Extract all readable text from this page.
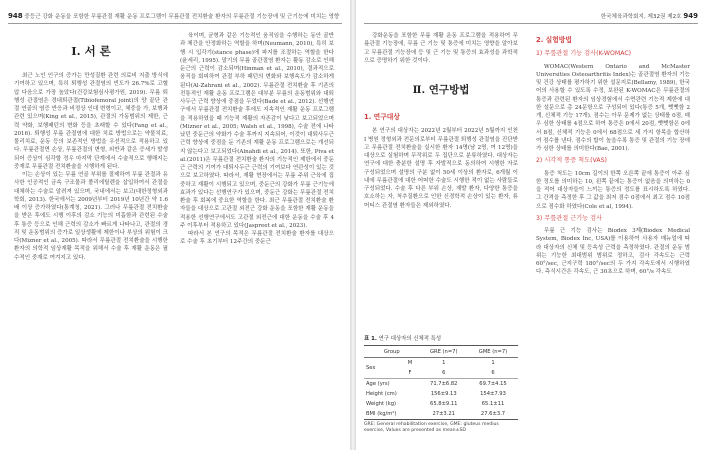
948 중등근 강화 운동을 포함한 무릎관절 재활 운동 프로그램이 무릎관절 전치환술 환자의 무릎관절 기능장애 및 근기능에 미치는 영향
Ⅰ. 서 론

최근 노인 인구의 증가는 만성질환 관련 의료비 지출 방식에 기여하고 있으며, 특히 퇴행성 관절염의 빈도가 26.7%로 고혈압 다음으로 가장 높았다(건강보험심사평가원, 2019). 무릎 퇴행성 관절염은 경대퇴관절(Tibiofemoral joint)의 양 끝단 관절 연골의 염증 반응과 비정상 인대 변형이고, 체중을 가, 보행과 관련 있으며(King et al., 2015), 관절의 가동범위의 제한, 근력 약화, 보행패턴의 변화 등을 초래할 수 있다(Fang et al., 2016). 퇴행성 무릎 관절염에 대한 치료 방법으로는 약물치료, 물리치료, 운동 등의 보존적인 방법을 우선적으로 적용하고 있다. 무릎관절면 손상, 무릎관절의 변형, 외반과 같은 증세가 발생되어 증상이 심각할 정우 마지막 단계에서 수술적으로 행해지는 중재로 무릎관절 전치환술을 시행하게 된다.

이는 손상이 있는 무릎 연골 부위를 절제하여 무릎 관절과 유사한 인공적인 금속 구조물과 폴리에틸렌을 삽입하여서 관절을 대체하는 수술로 알려져 있으며, 국내에서는 보고(대한정형외과학회, 2013). 한국에서는 2009년부터 2019년 10년간 약 1.6배 이상 증가하였다(통계청, 2021). 그러나 무릎관절 전치환술을 받은 후에도 시행 이후의 감소 기능의 미흡함과 관련된 수술 후 통증 등으로 인해 근력의 감소가 빠르게 나타나고, 관절의 경직 및 운동범위의 증가로 일상생활에 제한이나 부상의 위험이 크다(Mizner et al., 2005). 따라서 무릎관절 전치환술을 시행한 환자의 의학적 임상재활 목적을 위해서 수술 후 재활 운동은 필수적인 중재로 여겨지고 있다.

육이며, 균형과 같은 기능적인 움직임을 수행하는 동안 골반과 체간을 안정화하는 역할을 하며(Neumann, 2010), 특히 보행 시 입각기(stance phase)에 파지를 조절하는 역할을 한다(윤세리, 1995). 말기의 무릎 골관절염 환자는 활동 감소로 인해 둔근의 근력이 감소되며(Hinman et al., 2010), 결과적으로 움직을 회피하여 관절 부하 패턴의 변화와 보행속도가 감소하게 된다(Al-Zahrani et al., 2002). 무릎관절 전치환술 후 기존의 전통적인 재활 운동 프로그램은 대부분 무릎의 운동범위와 대퇴사두근 근력 향상에 중점을 두었다(Bade et al., 2012). 선행연구에서 무릎관절 전치환술 후에도 지속적인 재활 운동 프로그램을 적용하였을 때 기능적 재활의 자존감이 낮다고 보고되었으며(Mizner et al., 2005; Walsh et al., 1998), 수술 전에 나타났던 중둔근의 약화가 수술 후까지 지속되어, 이것이 대퇴사두근 근력 향상에 중점을 둔 기존의 재활 운동 프로그램으로는 개선되지 않는다고 보고되었다(Alnahdi et al., 2014). 또한, Piva et al.(2011)은 무릎관절 전치환술 환자의 기능적인 제한에서 중둔근 근력의 기여가 대퇴사두근 근력의 기여보다 연관성이 있는 것으로 보고하였다. 따라서, 재활 현장에서는 무릎 주위 근육에 집중하고 재활이 시행되고 있으며, 중둔근의 강화가 무릎 근기능에 효과가 있다는 선행연구가 있으며, 중둔근 강화는 무릎관절 전치환술 후 회복에 중요한 역할을 한다. 최근 무릎관절 전치환술 환자들을 대상으로 고관절 외전근 강화 운동을 포함한 재활 운동을 적용한 선행연구에서도 고관절 외전근에 대한 운동을 수술 후 4주 이후부터 적용하고 있다(Jaspreet et al., 2023).

따라서 본 연구의 목적은 무릎관절 전치환술 환자를 대상으로 수술 후 초기부터 12주간의 중둔근

한국체육과학회지, 제32권 제2호 949

강화운동을 포함한 무릎 재활 운동 프로그램을 적용하여 무릎관절 기능장애, 무릎 근 기능 및 통증에 미치는 영향을 알아보고 무릎관절 기능장애 등 및 근 기능 및 통증의 효과성을 과학적으로 증명하기 위한 것이다.

Ⅱ. 연구방법
1. 연구대상

본 연구의 대상자는 2022년 2월부터 2022년 5월까지 인천 I 병원 정형외과 전문의로부터 무릎관절 퇴행성 관절염을 진단받고 무릎관절 전치환술을 실시한 환자 14명(남 2명, 여 12명)을 대상으로 실험하며 무작위로 두 집단으로 분류하였다. 대상자는 연구에 대한 충분한 설명 후 자발적으로 동의하여 시행한 자로 구성되었으며 설명의 구분 없이 50세 이상의 환자로, 6개월 이내에 무릎관절에 대한 어떠한 수술도 시행한 적이 없는 사람들로 구성되었다. 수술 후 다른 부위 손상, 재발 환자, 다양한 통증을 호소하는 자, 척추질환으로 인한 신경학적 손상이 있는 환자, 류머티스 관절염 환자들은 제외하였다.

표 1. 연구 대상자의 신체적 특성
Group		GRE (n=7)	GME (n=7)
Sex	M	1	1
	F	6	6
Age (yrs)		71.7±6.82	69.7±4.15
Height (cm)		156±9.13	154±7.93
Weight (kg)		65.8±9.11	65.1±11
BMI (kg/m²)		27±3.21	27.6±3.7
GRE: General rehabilitation exercise, GME: gluteus medius exercise, Values are presented as mean±SD
2. 실험방법
1) 무릎관절 기능 검사(K-WOMAC)

WOMAC(Western Ontario and McMaster Universities Osteoarthritis Index)는 골관절염 환자의 기능 및 건강 상태를 평가하기 위한 설문지로(Bellamy, 1989), 한국어의 사용할 수 있도록 수정, 보완된 K-WOMAC은 무릎관절의 통증과 관련된 환자의 임상경험에서 수면관련 기능적 제한에 대한 설문으로 총 24문항으로 구성되어 있다(통증 5개, 뻣뻣함 2개, 신체적 기능 17개). 점수는 아무 문제가 없는 상태를 0점, 매우 심한 상태를 4점으로 하여 통증은 0에서 20점, 뻣뻣함은 0에서 8점, 신체적 기능은 0에서 68점으로 세 가지 항목을 합산하여 점수를 낸다. 점수의 합이 높을수록 통증 및 관절의 기능 장애가 심한 상태를 의미한다(Bae, 2001).

2) 시각적 통증 척도(VAS)

통증 척도는 10cm 길이의 한쪽 오른쪽 끝에 통증이 아주 심한 정도를 의미하는 10, 왼쪽 끝에는 통증이 없음을 의미하는 0을 적어 대상자들이 느끼는 통증의 정도를 표시하도록 하였다. 그 간격을 측정한 후 그 값을 최저 점수 0점에서 최고 점수 10점으로 점수화 하였다(Cole et al, 1994).

3) 무릎관절 근기능 검사

무릎 근 기능 검사는 Biodex 3제(Biodex Medical System, Biodex Inc, USA)를 이용하여 사용자 매뉴얼에 따라 대상자의 신체 및 등속성 근력을 측정하였다. 관절의 운동 범위는 기능한 최대범위 범위로 정하고, 검사 각속도는 근력 60°/sec, 근지구력 180°/sec의 두 가지 각속도에서 시행하였다. 측식시간은 각속도, 근 30초으로 하며, 60°/s 각속도
